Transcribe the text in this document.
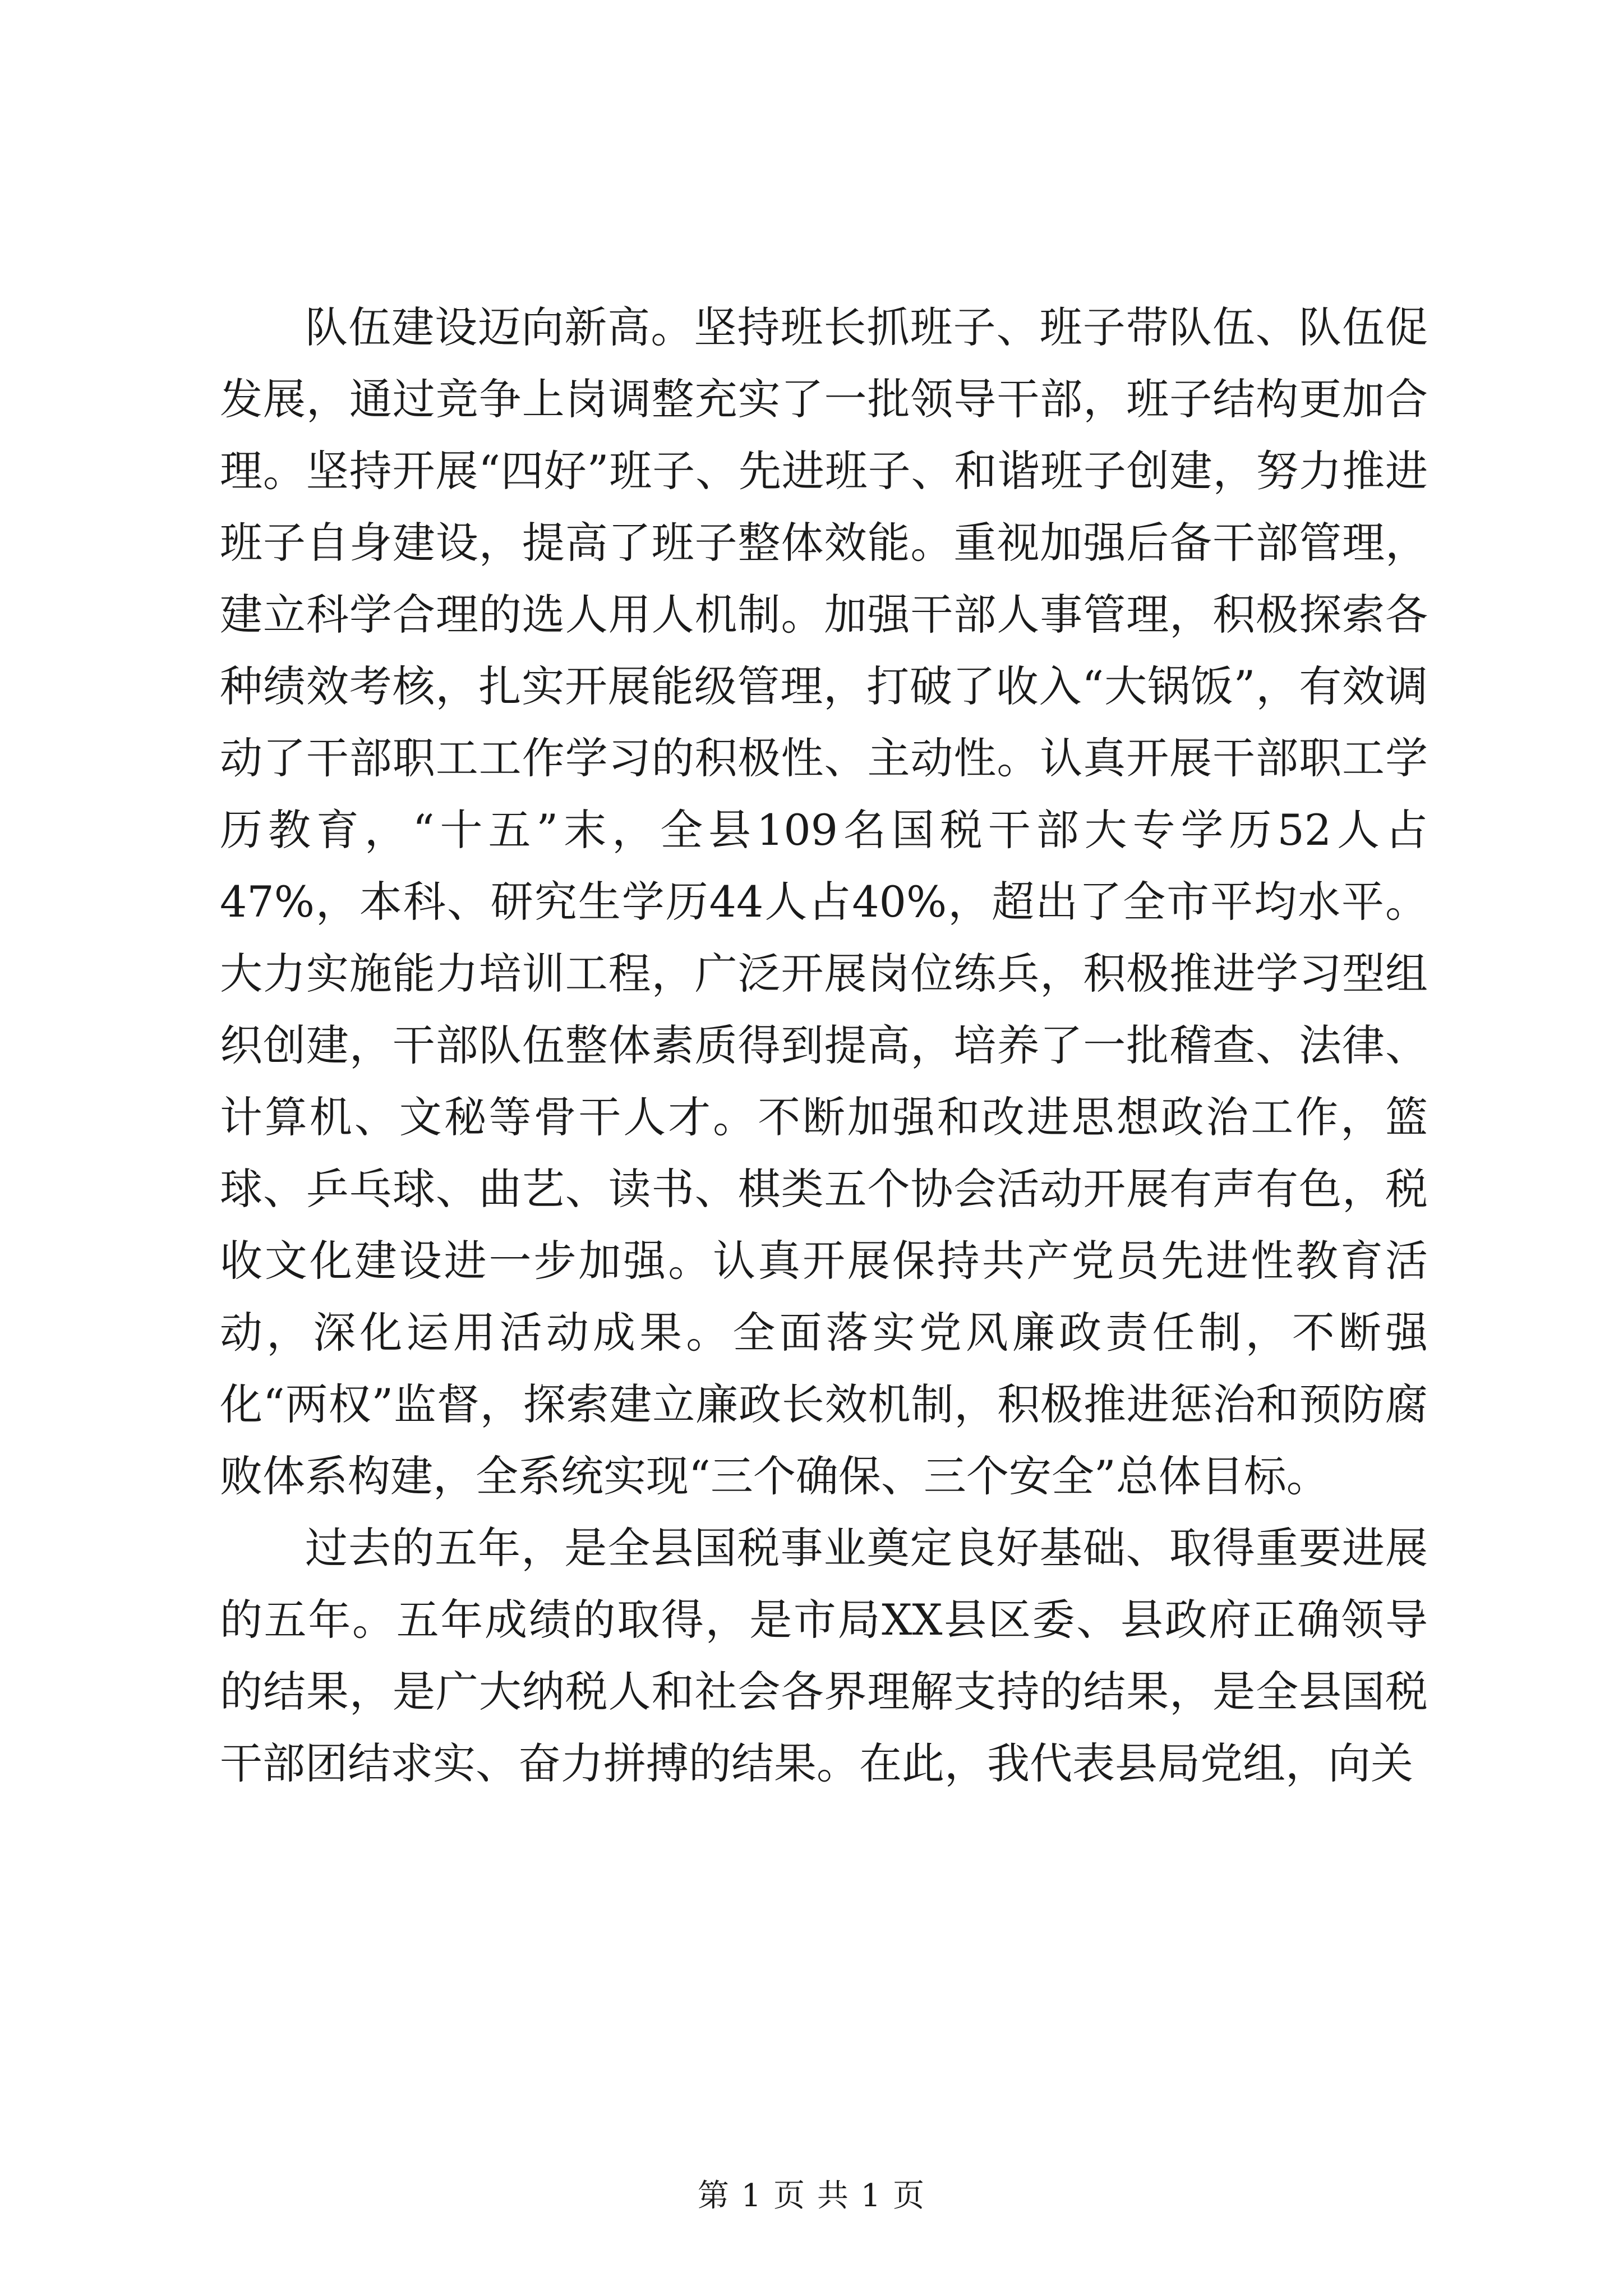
队伍建设迈向新高。坚持班长抓班子、班子带队伍、队伍促发展，通过竞争上岗调整充实了一批领导干部，班子结构更加合理。坚持开展“四好”班子、先进班子、和谐班子创建，努力推进班子自身建设，提高了班子整体效能。重视加强后备干部管理，建立科学合理的选人用人机制。加强干部人事管理，积极探索各种绩效考核，扎实开展能级管理，打破了收入“大锅饭”，有效调动了干部职工工作学习的积极性、主动性。认真开展干部职工学历教育，“十五”末，全县109名国税干部大专学历52人占47%，本科、研究生学历44人占40%，超出了全市平均水平。大力实施能力培训工程，广泛开展岗位练兵，积极推进学习型组织创建，干部队伍整体素质得到提高，培养了一批稽查、法律、计算机、文秘等骨干人才。不断加强和改进思想政治工作，篮球、乒乓球、曲艺、读书、棋类五个协会活动开展有声有色，税收文化建设进一步加强。认真开展保持共产党员先进性教育活动，深化运用活动成果。全面落实党风廉政责任制，不断强化“两权”监督，探索建立廉政长效机制，积极推进惩治和预防腐败体系构建，全系统实现“三个确保、三个安全”总体目标。

过去的五年，是全县国税事业奠定良好基础、取得重要进展的五年。五年成绩的取得，是市局XX县区委、县政府正确领导的结果，是广大纳税人和社会各界理解支持的结果，是全县国税干部团结求实、奋力拼搏的结果。在此，我代表县局党组，向关

第 1 页 共 1 页
